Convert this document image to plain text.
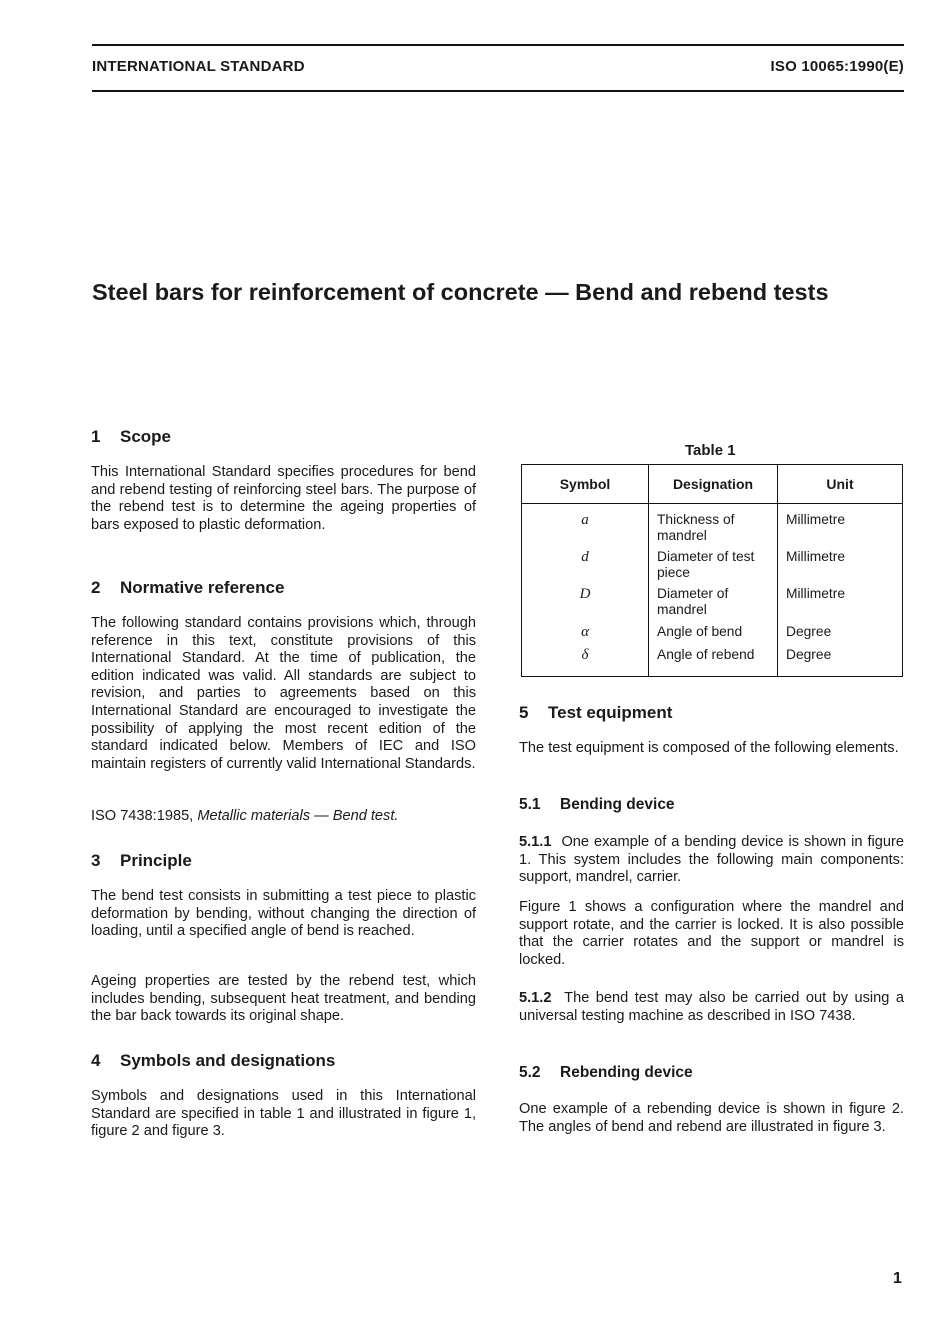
INTERNATIONAL STANDARD	ISO 10065:1990(E)
Steel bars for reinforcement of concrete — Bend and rebend tests
1 Scope

This International Standard specifies procedures for bend and rebend testing of reinforcing steel bars. The purpose of the rebend test is to determine the ageing properties of bars exposed to plastic deformation.

2 Normative reference

The following standard contains provisions which, through reference in this text, constitute provisions of this International Standard. At the time of publication, the edition indicated was valid. All standards are subject to revision, and parties to agreements based on this International Standard are encouraged to investigate the possibility of applying the most recent edition of the standard indicated below. Members of IEC and ISO maintain registers of currently valid International Standards.

ISO 7438:1985, Metallic materials — Bend test.

3 Principle

The bend test consists in submitting a test piece to plastic deformation by bending, without changing the direction of loading, until a specified angle of bend is reached.

Ageing properties are tested by the rebend test, which includes bending, subsequent heat treatment, and bending the bar back towards its original shape.

4 Symbols and designations

Symbols and designations used in this International Standard are specified in table 1 and illustrated in figure 1, figure 2 and figure 3.

Table 1
Symbol	Designation	Unit
a	Thickness of mandrel	Millimetre
d	Diameter of test piece	Millimetre
D	Diameter of mandrel	Millimetre
α	Angle of bend	Degree
δ	Angle of rebend	Degree
5 Test equipment

The test equipment is composed of the following elements.

5.1 Bending device

5.1.1 One example of a bending device is shown in figure 1. This system includes the following main components: support, mandrel, carrier.

Figure 1 shows a configuration where the mandrel and support rotate, and the carrier is locked. It is also possible that the carrier rotates and the support or mandrel is locked.

5.1.2 The bend test may also be carried out by using a universal testing machine as described in ISO 7438.

5.2 Rebending device

One example of a rebending device is shown in figure 2. The angles of bend and rebend are illustrated in figure 3.

1
